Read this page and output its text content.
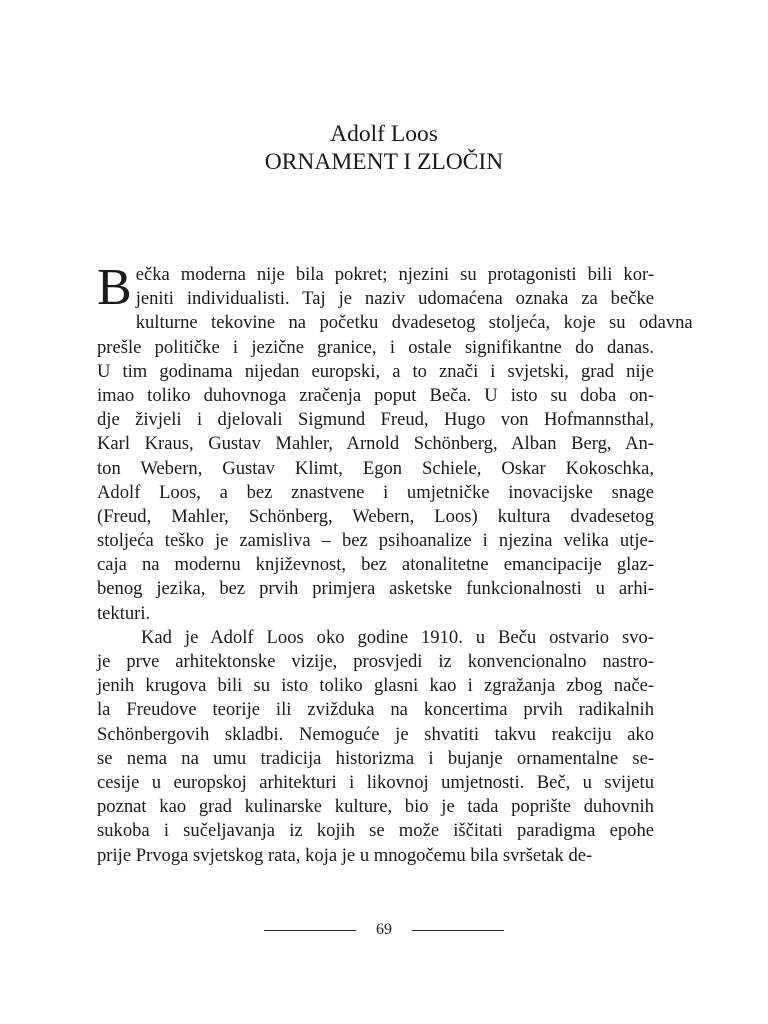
Adolf Loos
ORNAMENT I ZLOČIN
B ečka moderna nije bila pokret; njezini su protagonisti bili kor-
jeniti individualisti. Taj je naziv udomaćena oznaka za bečke
kulturne tekovine na početku dvadesetog stoljeća, koje su odavna
prešle političke i jezične granice, i ostale signifikantne do danas.
U tim godinama nijedan europski, a to znači i svjetski, grad nije
imao toliko duhovnoga zračenja poput Beča. U isto su doba on-
dje živjeli i djelovali Sigmund Freud, Hugo von Hofmannsthal,
Karl Kraus, Gustav Mahler, Arnold Schönberg, Alban Berg, An-
ton Webern, Gustav Klimt, Egon Schiele, Oskar Kokoschka,
Adolf Loos, a bez znastvene i umjetničke inovacijske snage
(Freud, Mahler, Schönberg, Webern, Loos) kultura dvadesetog
stoljeća teško je zamisliva – bez psihoanalize i njezina velika utje-
caja na modernu književnost, bez atonalitetne emancipacije glaz-
benog jezika, bez prvih primjera asketske funkcionalnosti u arhi-
tekturi.
Kad je Adolf Loos oko godine 1910. u Beču ostvario svo-
je prve arhitektonske vizije, prosvjedi iz konvencionalno nastro-
jenih krugova bili su isto toliko glasni kao i zgražanja zbog nače-
la Freudove teorije ili zvižduka na koncertima prvih radikalnih
Schönbergovih skladbi. Nemoguće je shvatiti takvu reakciju ako
se nema na umu tradicija historizma i bujanje ornamentalne se-
cesije u europskoj arhitekturi i likovnoj umjetnosti. Beč, u svijetu
poznat kao grad kulinarske kulture, bio je tada poprište duhovnih
sukoba i sučeljavanja iz kojih se može iščitati paradigma epohe
prije Prvoga svjetskog rata, koja je u mnogočemu bila svršetak de-
69
